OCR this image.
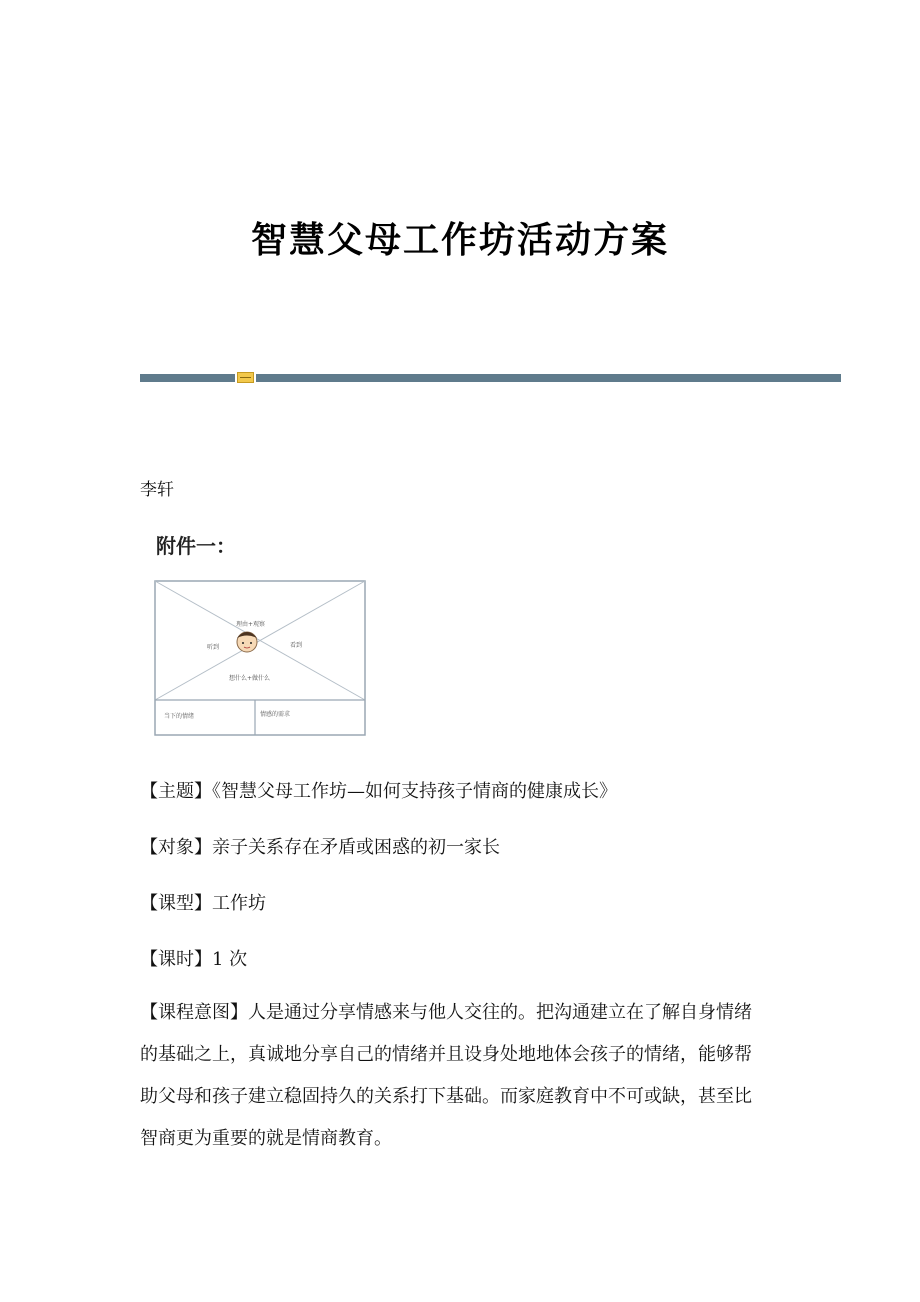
智慧父母工作坊活动方案
李轩
附件一：
理由+观察
听到	看到
想什么+做什么
当下的情绪	情感的需求
【主题】《智慧父母工作坊—如何支持孩子情商的健康成长》
【对象】亲子关系存在矛盾或困惑的初一家长
【课型】工作坊
【课时】1 次
【课程意图】人是通过分享情感来与他人交往的。把沟通建立在了解自身情绪
的基础之上，真诚地分享自己的情绪并且设身处地地体会孩子的情绪，能够帮
助父母和孩子建立稳固持久的关系打下基础。而家庭教育中不可或缺，甚至比
智商更为重要的就是情商教育。
